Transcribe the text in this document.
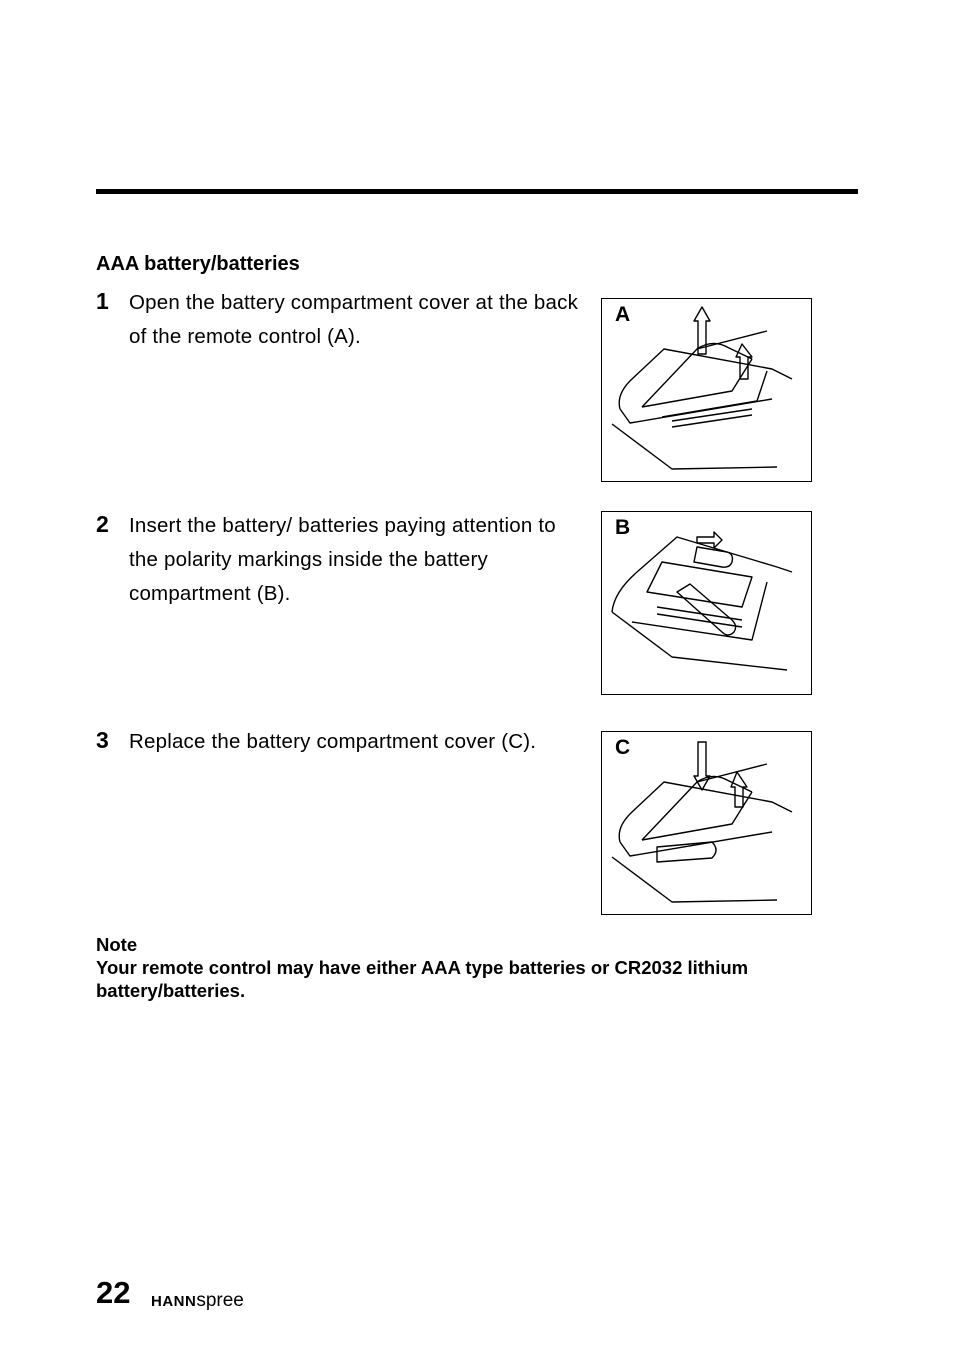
AAA battery/batteries
1 Open the battery compartment cover at the back of the remote control (A).
A
2 Insert the battery/ batteries paying attention to the polarity markings inside the battery compartment (B).
B
3 Replace the battery compartment cover (C).	C
Note
Your remote control may have either AAA type batteries or CR2032 lithium battery/batteries.
22 HANNspree
